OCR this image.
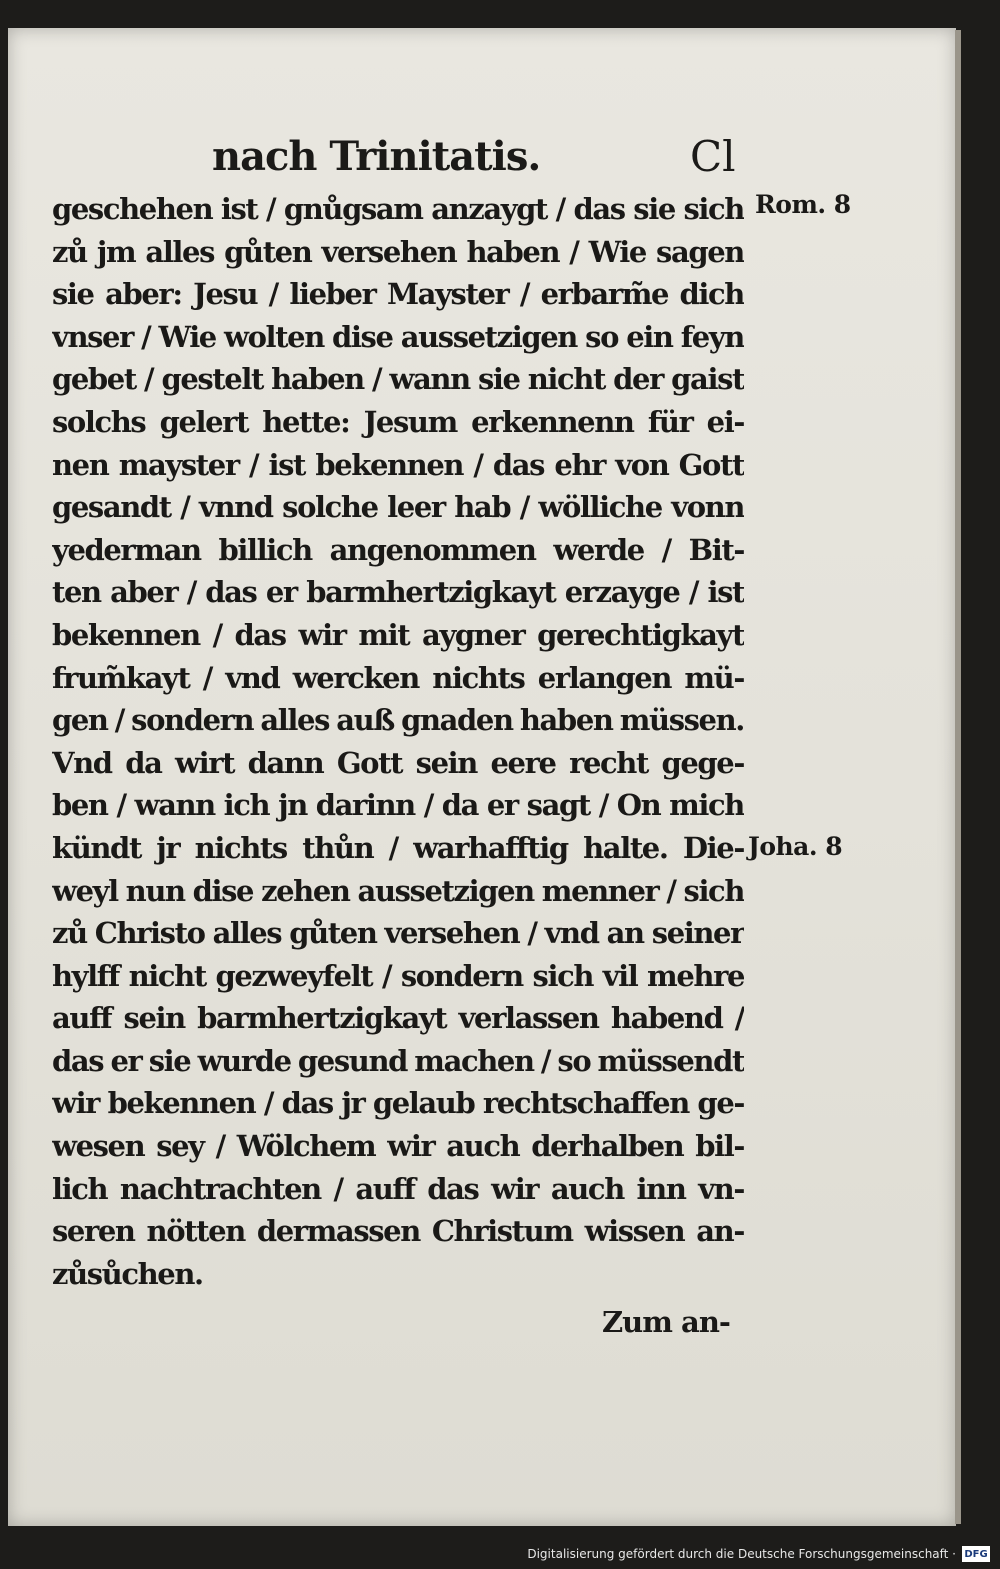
nach Trinitatis.	Cl
geschehen ist / gnůgsam anzaygt / das sie sich
zů jm alles gůten versehen haben / Wie sagen
sie aber: Jesu / lieber Mayster / erbarm̃e dich
vnser / Wie wolten dise aussetzigen so ein feyn
gebet / gestelt haben / wann sie nicht der gaist
solchs gelert hette: Jesum erkennenn für ei-
nen mayster / ist bekennen / das ehr von Gott
gesandt / vnnd solche leer hab / wölliche vonn
yederman billich angenommen werde / Bit-
ten aber / das er barmhertzigkayt erzayge / ist
bekennen / das wir mit aygner gerechtigkayt
frum̃kayt / vnd wercken nichts erlangen mü-
gen / sondern alles auß gnaden haben müssen.
Vnd da wirt dann Gott sein eere recht gege-
ben / wann ich jn darinn / da er sagt / On mich
kündt jr nichts thůn / warhafftig halte. Die-
weyl nun dise zehen aussetzigen menner / sich
zů Christo alles gůten versehen / vnd an seiner
hylff nicht gezweyfelt / sondern sich vil mehre
auff sein barmhertzigkayt verlassen habend /
das er sie wurde gesund machen / so müssendt
wir bekennen / das jr gelaub rechtschaffen ge-
wesen sey / Wölchem wir auch derhalben bil-
lich nachtrachten / auff das wir auch inn vn-
seren nötten dermassen Christum wissen an-
zůsůchen.
Rom. 8
Joha. 8
Zum an-
Digitalisierung gefördert durch die Deutsche Forschungsgemeinschaft · DFG
